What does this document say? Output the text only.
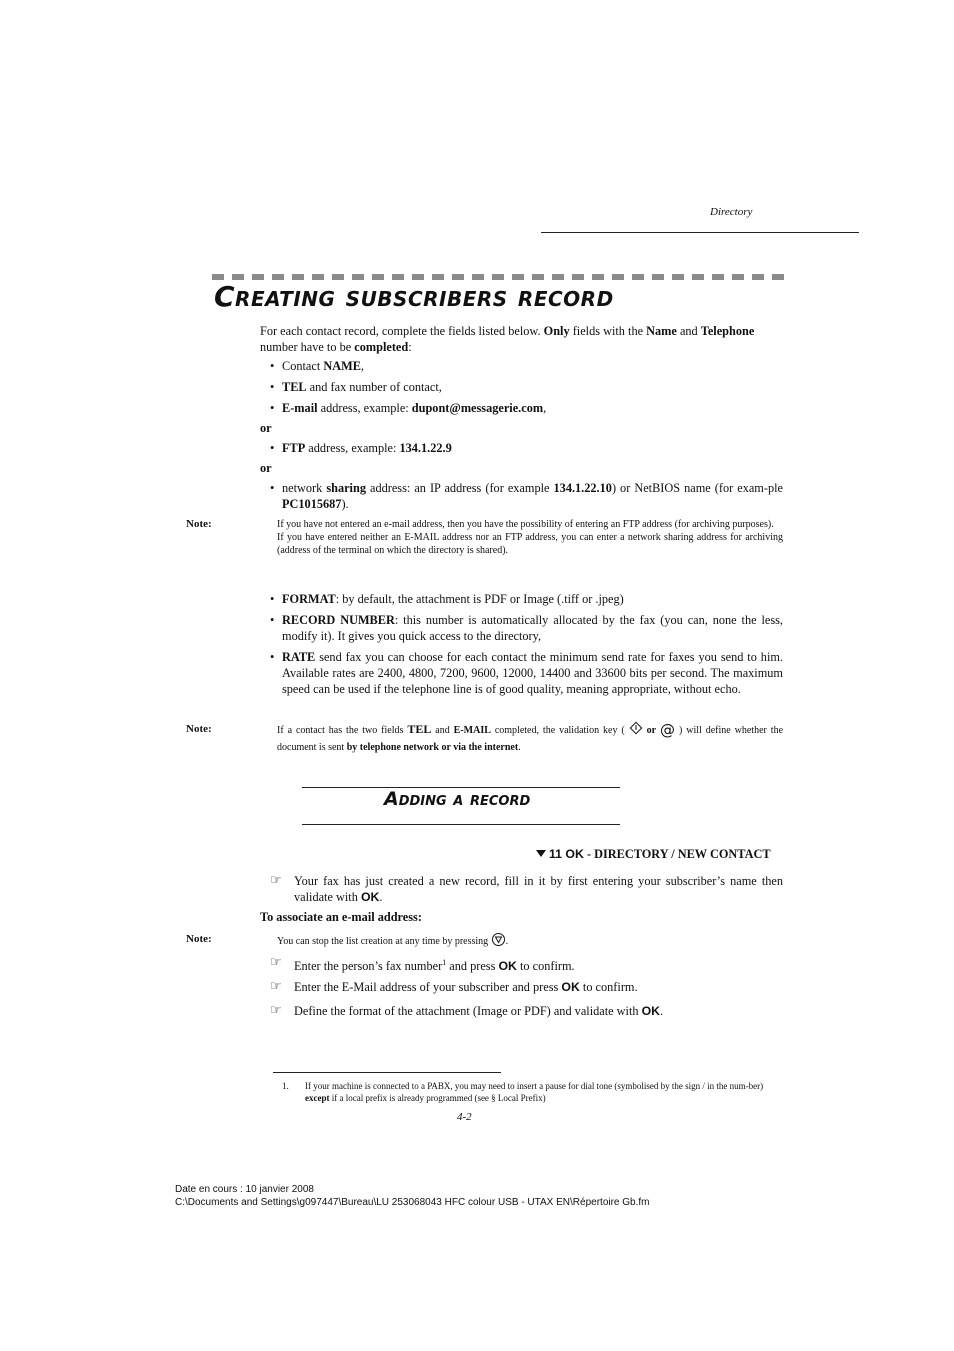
Directory
Creating subscribers record
For each contact record, complete the fields listed below. Only fields with the Name and Telephone number have to be completed:
• Contact NAME,
• TEL and fax number of contact,
• E-mail address, example: dupont@messagerie.com,
or
• FTP address, example: 134.1.22.9
or
• network sharing address: an IP address (for example 134.1.22.10) or NetBIOS name (for exam-ple PC1015687).
Note:	If you have not entered an e-mail address, then you have the possibility of entering an FTP address (for archiving purposes).
If you have entered neither an E-MAIL address nor an FTP address, you can enter a network sharing address for archiving (address of the terminal on which the directory is shared).
• FORMAT: by default, the attachment is PDF or Image (.tiff or .jpeg)
• RECORD NUMBER: this number is automatically allocated by the fax (you can, none the less, modify it). It gives you quick access to the directory,
• RATE send fax you can choose for each contact the minimum send rate for faxes you send to him. Available rates are 2400, 4800, 7200, 9600, 12000, 14400 and 33600 bits per second. The maximum speed can be used if the telephone line is of good quality, meaning appropriate, without echo.
Note:	If a contact has the two fields TEL and E-MAIL completed, the validation key (  or @ ) will define whether the document is sent by telephone network or via the internet.
Adding a record
11 OK - DIRECTORY / NEW CONTACT
☞ Your fax has just created a new record, fill in it by first entering your subscriber’s name then validate with OK.
To associate an e-mail address:
Note:	You can stop the list creation at any time by pressing .
☞ Enter the person’s fax number$^1$ and press OK to confirm.
☞ Enter the E-Mail address of your subscriber and press OK to confirm.
☞ Define the format of the attachment (Image or PDF) and validate with OK.
1. If your machine is connected to a PABX, you may need to insert a pause for dial tone (symbolised by the sign / in the num-ber) except if a local prefix is already programmed (see § Local Prefix)
4-2
Date en cours : 10 janvier 2008
C:\Documents and Settings\g097447\Bureau\LU 253068043 HFC colour USB - UTAX EN\Répertoire Gb.fm
